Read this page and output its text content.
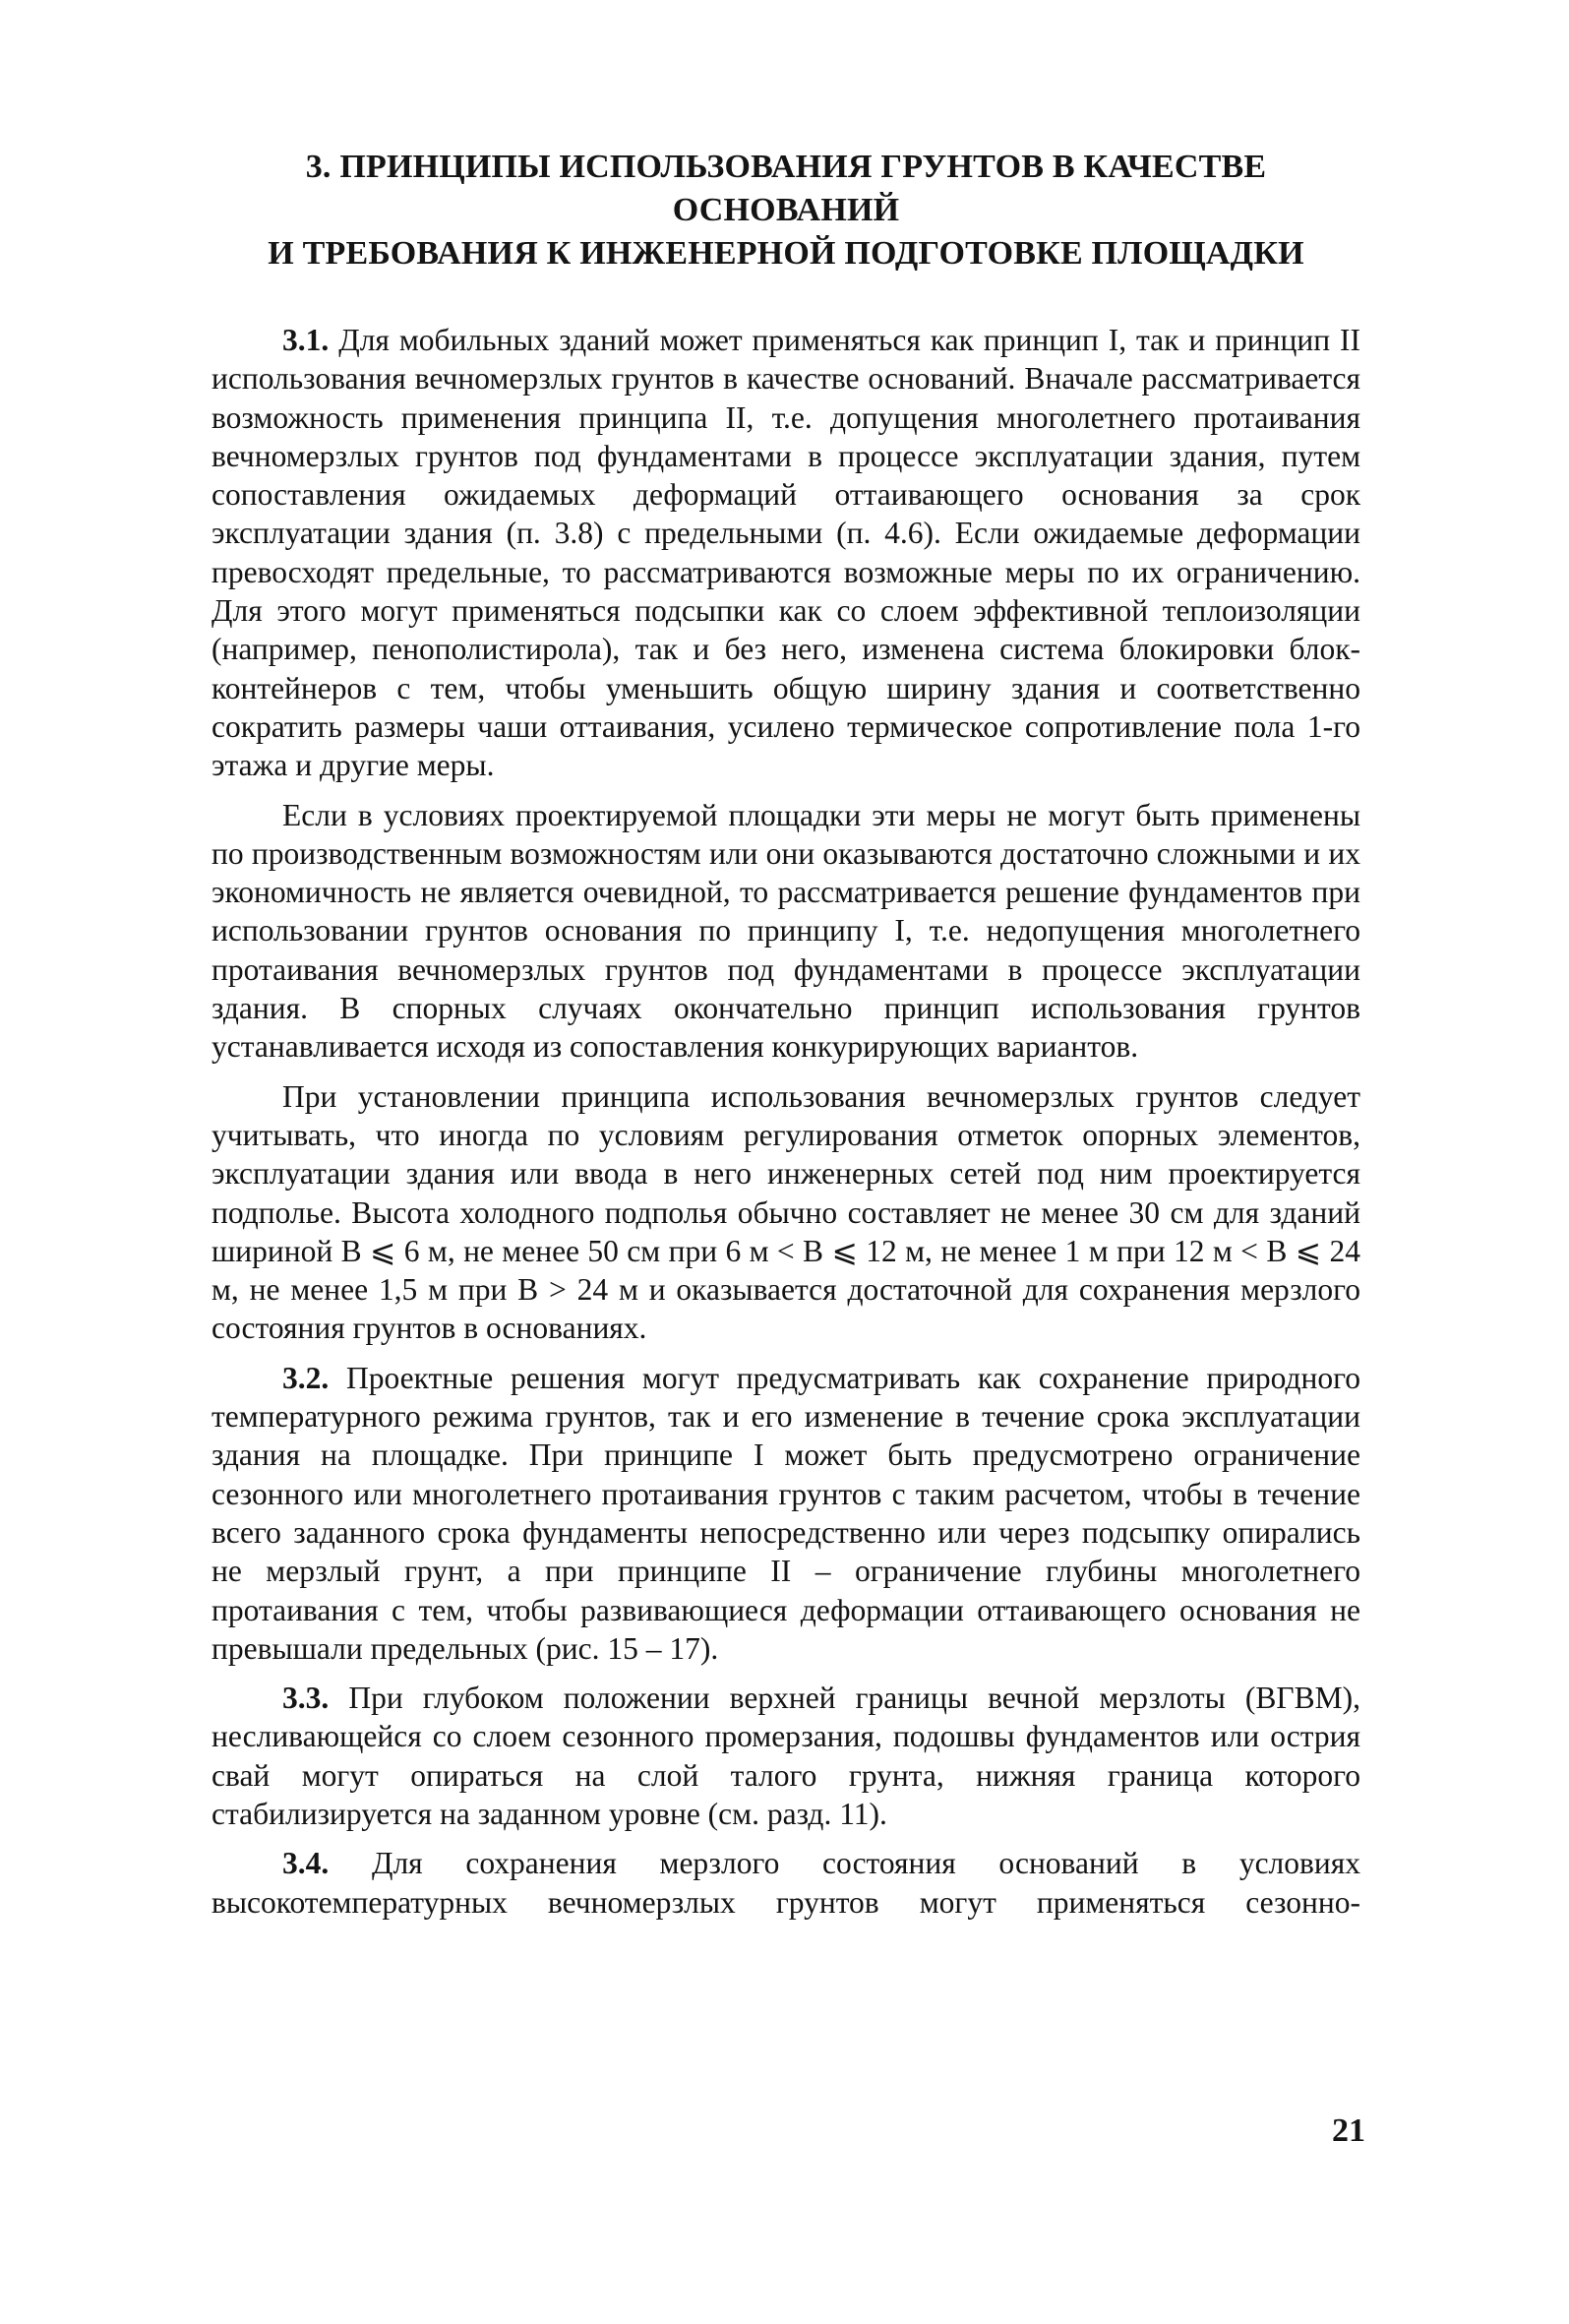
3. ПРИНЦИПЫ ИСПОЛЬЗОВАНИЯ ГРУНТОВ В КАЧЕСТВЕ ОСНОВАНИЙ
И ТРЕБОВАНИЯ К ИНЖЕНЕРНОЙ ПОДГОТОВКЕ ПЛОЩАДКИ

3.1. Для мобильных зданий может применяться как принцип I, так и принцип II использования вечномерзлых грунтов в качестве оснований. Вначале рассматривается возможность применения принципа II, т.е. допущения многолетнего протаивания вечномерзлых грунтов под фундаментами в процессе эксплуатации здания, путем сопоставления ожидаемых деформаций оттаивающего основания за срок эксплуатации здания (п. 3.8) с предельными (п. 4.6). Если ожидаемые деформации превосходят предельные, то рассматриваются возможные меры по их ограничению. Для этого могут применяться подсыпки как со слоем эффективной теплоизоляции (например, пенополистирола), так и без него, изменена система блокировки блок-контейнеров с тем, чтобы уменьшить общую ширину здания и соответственно сократить размеры чаши оттаивания, усилено термическое сопротивление пола 1-го этажа и другие меры.

Если в условиях проектируемой площадки эти меры не могут быть применены по производственным возможностям или они оказываются достаточно сложными и их экономичность не является очевидной, то рассматривается решение фундаментов при использовании грунтов основания по принципу I, т.е. недопущения многолетнего протаивания вечномерзлых грунтов под фундаментами в процессе эксплуатации здания. В спорных случаях окончательно принцип использования грунтов устанавливается исходя из сопоставления конкурирующих вариантов.

При установлении принципа использования вечномерзлых грунтов следует учитывать, что иногда по условиям регулирования отметок опорных элементов, эксплуатации здания или ввода в него инженерных сетей под ним проектируется подполье. Высота холодного подполья обычно составляет не менее 30 см для зданий шириной В ⩽ 6 м, не менее 50 см при 6 м < В ⩽ 12 м, не менее 1 м при 12 м < В ⩽ 24 м, не менее 1,5 м при В > 24 м и оказывается достаточной для сохранения мерзлого состояния грунтов в основаниях.

3.2. Проектные решения могут предусматривать как сохранение природного температурного режима грунтов, так и его изменение в течение срока эксплуатации здания на площадке. При принципе I может быть предусмотрено ограничение сезонного или многолетнего протаивания грунтов с таким расчетом, чтобы в течение всего заданного срока фундаменты непосредственно или через подсыпку опирались не мерзлый грунт, а при принципе II – ограничение глубины многолетнего протаивания с тем, чтобы развивающиеся деформации оттаивающего основания не превышали предельных (рис. 15 – 17).

3.3. При глубоком положении верхней границы вечной мерзлоты (ВГВМ), несливающейся со слоем сезонного промерзания, подошвы фундаментов или острия свай могут опираться на слой талого грунта, нижняя граница которого стабилизируется на заданном уровне (см. разд. 11).

3.4. Для сохранения мерзлого состояния оснований в условиях высокотемпературных вечномерзлых грунтов могут применяться сезонно-

21
